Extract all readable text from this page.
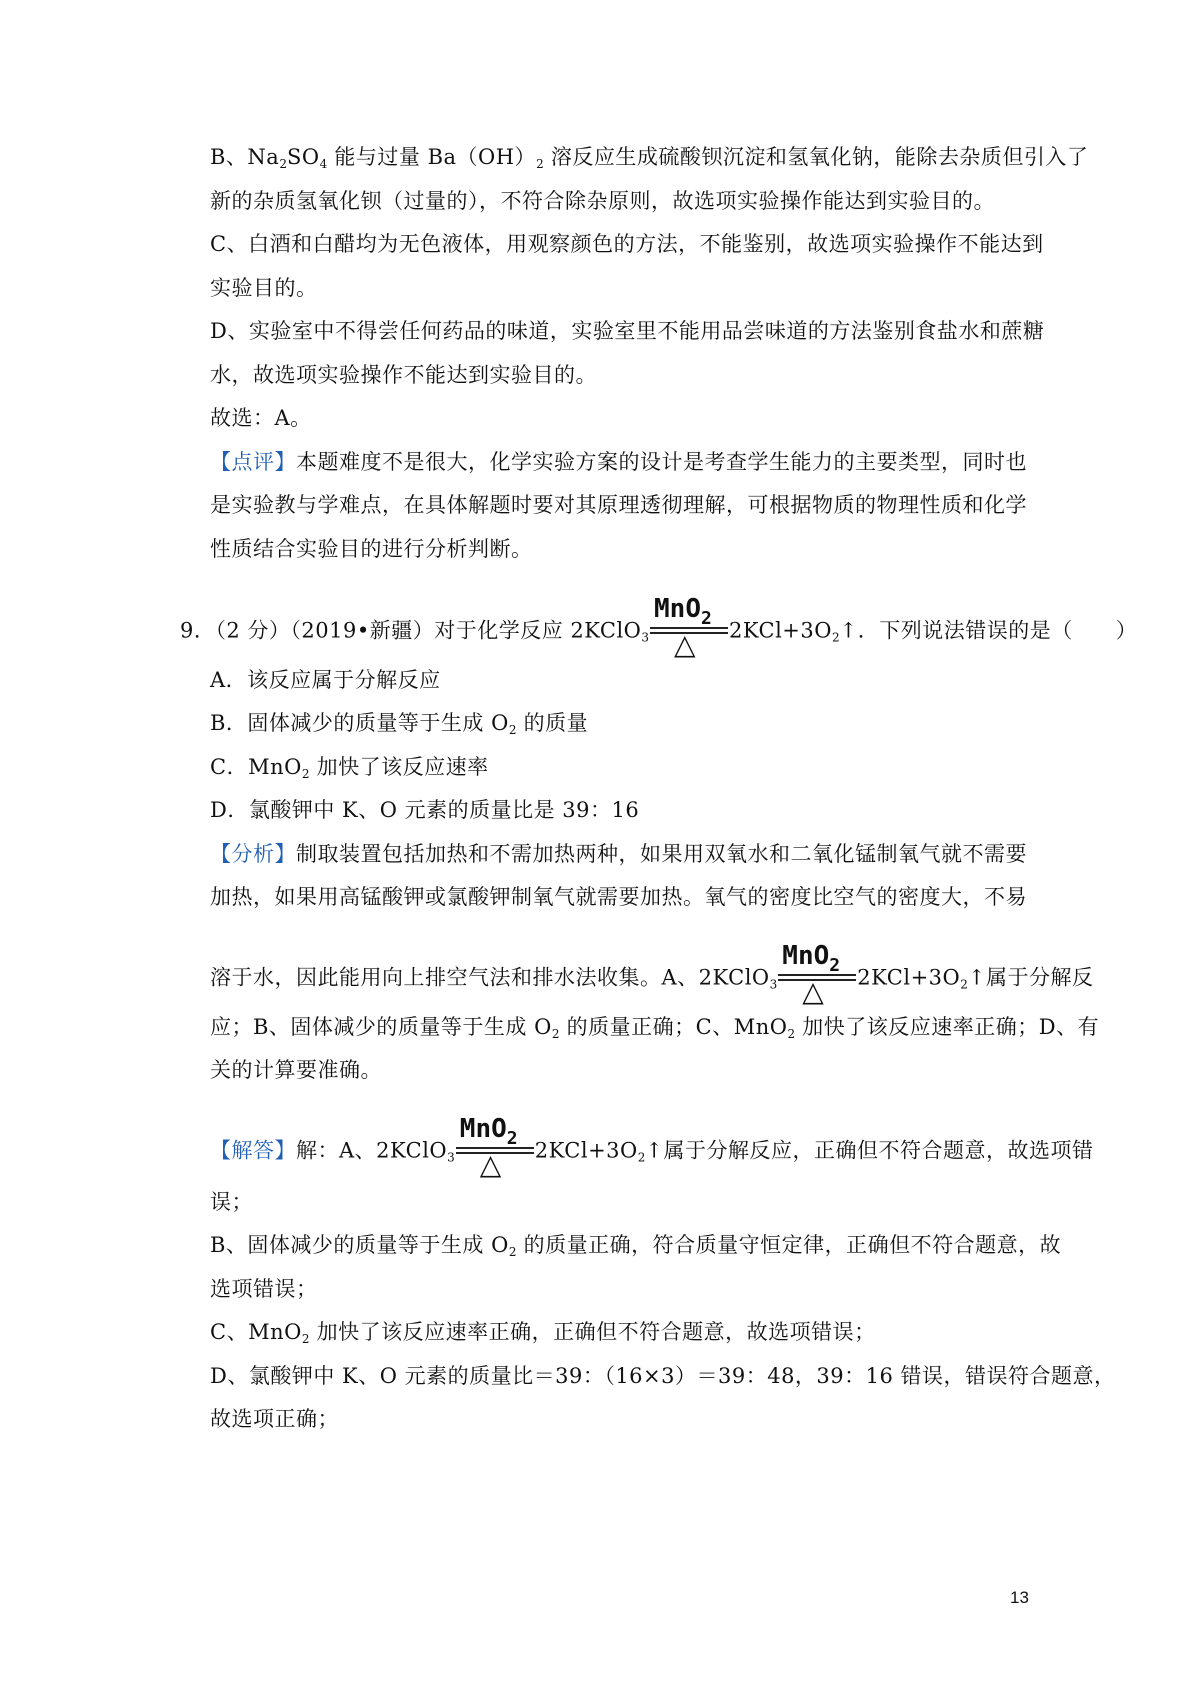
B、$Na_2SO_4$ 能与过量 $Ba(OH)_2$ 溶反应生成硫酸钡沉淀和氢氧化钠，能除去杂质但引入了
新的杂质氢氧化钡（过量的），不符合除杂原则，故选项实验操作能达到实验目的。
C、白酒和白醋均为无色液体，用观察颜色的方法，不能鉴别，故选项实验操作不能达到
实验目的。
D、实验室中不得尝任何药品的味道，实验室里不能用品尝味道的方法鉴别食盐水和蔗糖
水，故选项实验操作不能达到实验目的。
故选：A。
【点评】本题难度不是很大，化学实验方案的设计是考查学生能力的主要类型，同时也
是实验教与学难点，在具体解题时要对其原理透彻理解，可根据物质的物理性质和化学
性质结合实验目的进行分析判断。
9．（2 分）（2019•新疆）对于化学反应 2KClO$_3$
MnO$_2$
△ $2KCl+3O_2↑$．下列说法错误的是（　　）
A．该反应属于分解反应
B．固体减少的质量等于生成 $O_2$ 的质量
C．MnO$_2$ 加快了该反应速率
D．氯酸钾中 K、O 元素的质量比是 39：16
【分析】制取装置包括加热和不需加热两种，如果用双氧水和二氧化锰制氧气就不需要
加热，如果用高锰酸钾或氯酸钾制氧气就需要加热。氧气的密度比空气的密度大，不易
溶于水，因此能用向上排空气法和排水法收集。A、2KClO$_3$
MnO$_2$
△ $2KCl+3O_2↑$属于分解反
应；B、固体减少的质量等于生成 $O_2$ 的质量正确；C、MnO$_2$ 加快了该反应速率正确；D、有
关的计算要准确。
【解答】解：A、2KClO$_3$
MnO$_2$
△ $2KCl+3O_2↑$属于分解反应，正确但不符合题意，故选项错
误；
B、固体减少的质量等于生成 $O_2$ 的质量正确，符合质量守恒定律，正确但不符合题意，故
选项错误；
C、MnO$_2$ 加快了该反应速率正确，正确但不符合题意，故选项错误；
D、氯酸钾中 K、O 元素的质量比＝39：（16×3）＝39：48，39：16 错误，错误符合题意，
故选项正确；
13
